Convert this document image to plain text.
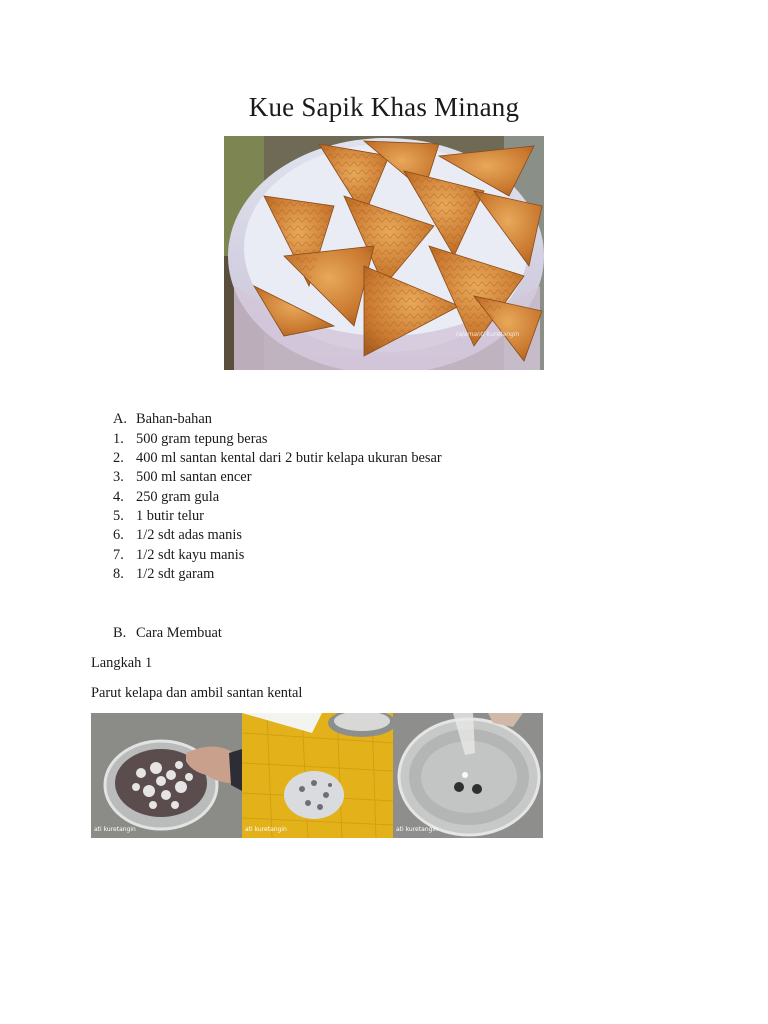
Kue Sapik Khas Minang
rajamanti kuretangin
A. Bahan-bahan
1. 500 gram tepung beras
2. 400 ml santan kental dari 2 butir kelapa ukuran besar
3. 500 ml santan encer
4. 250 gram gula
5. 1 butir telur
6. 1/2 sdt adas manis
7. 1/2 sdt kayu manis
8. 1/2 sdt garam
B. Cara Membuat
Langkah 1
Parut kelapa dan ambil santan kental
ati kuretangin	ati kuretangin	ati kuretangin
